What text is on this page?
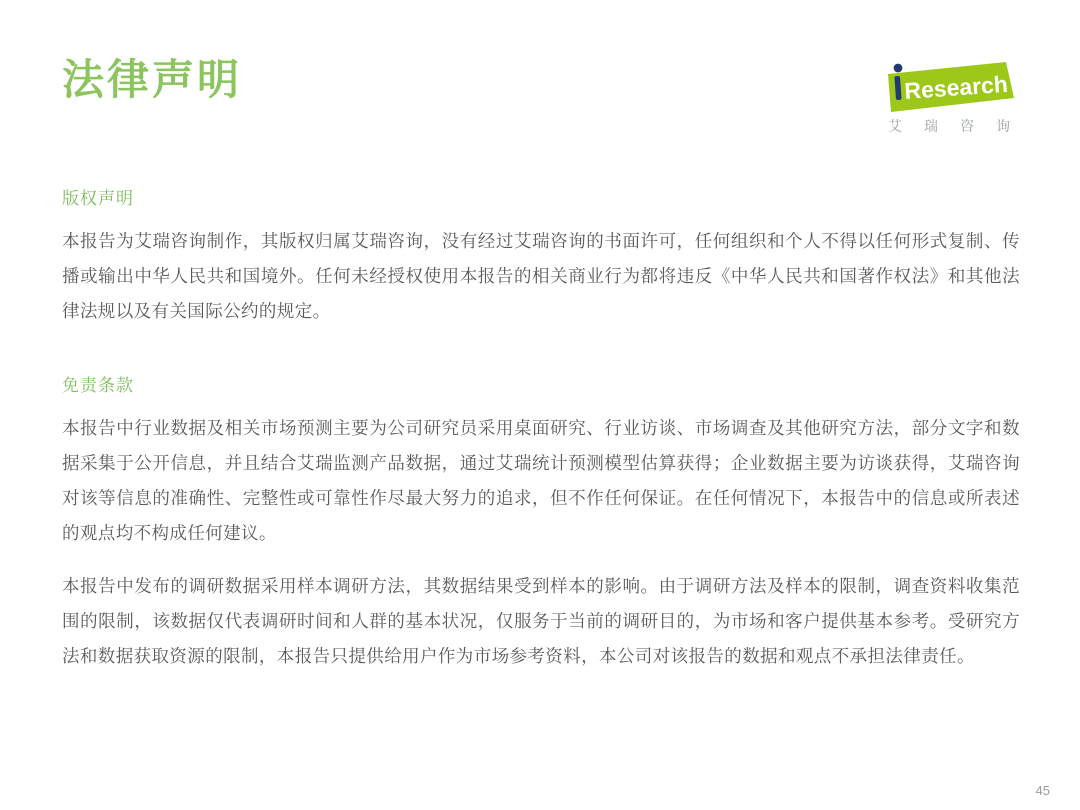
法律声明	Research
艾瑞咨询
版权声明

本报告为艾瑞咨询制作，其版权归属艾瑞咨询，没有经过艾瑞咨询的书面许可，任何组织和个人不得以任何形式复制、传播或输出中华人民共和国境外。任何未经授权使用本报告的相关商业行为都将违反《中华人民共和国著作权法》和其他法律法规以及有关国际公约的规定。

免责条款

本报告中行业数据及相关市场预测主要为公司研究员采用桌面研究、行业访谈、市场调查及其他研究方法，部分文字和数据采集于公开信息，并且结合艾瑞监测产品数据，通过艾瑞统计预测模型估算获得；企业数据主要为访谈获得，艾瑞咨询对该等信息的准确性、完整性或可靠性作尽最大努力的追求，但不作任何保证。在任何情况下，本报告中的信息或所表述的观点均不构成任何建议。

本报告中发布的调研数据采用样本调研方法，其数据结果受到样本的影响。由于调研方法及样本的限制，调查资料收集范围的限制，该数据仅代表调研时间和人群的基本状况，仅服务于当前的调研目的，为市场和客户提供基本参考。受研究方法和数据获取资源的限制，本报告只提供给用户作为市场参考资料，本公司对该报告的数据和观点不承担法律责任。

45
